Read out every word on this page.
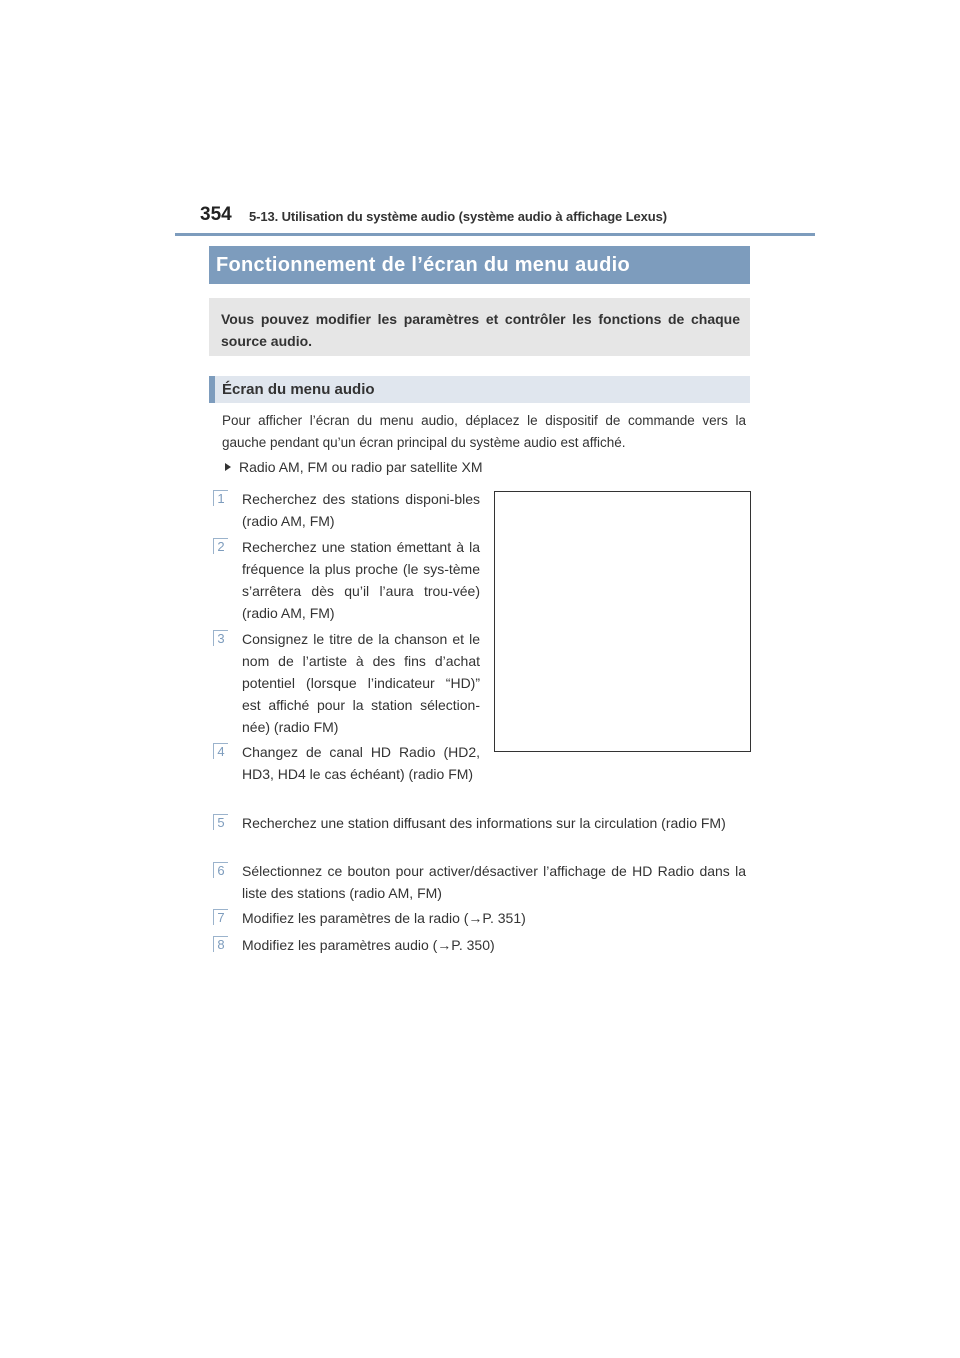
354 5-13. Utilisation du système audio (système audio à affichage Lexus)
Fonctionnement de l’écran du menu audio
Vous pouvez modifier les paramètres et contrôler les fonctions de chaque source audio.
Écran du menu audio
Pour afficher l’écran du menu audio, déplacez le dispositif de commande vers la gauche pendant qu’un écran principal du système audio est affiché.
Radio AM, FM ou radio par satellite XM
1 Recherchez des stations disponi-bles (radio AM, FM)
2 Recherchez une station émettant à la fréquence la plus proche (le sys-tème s’arrêtera dès qu’il l’aura trou-vée) (radio AM, FM)
3 Consignez le titre de la chanson et le nom de l’artiste à des fins d’achat potentiel (lorsque l’indicateur “HD)” est affiché pour la station sélection-née) (radio FM)
4 Changez de canal HD Radio (HD2, HD3, HD4 le cas échéant) (radio FM)
5 Recherchez une station diffusant des informations sur la circulation (radio FM)
6 Sélectionnez ce bouton pour activer/désactiver l’affichage de HD Radio dans la liste des stations (radio AM, FM)
7 Modifiez les paramètres de la radio (→P. 351)
8 Modifiez les paramètres audio (→P. 350)
